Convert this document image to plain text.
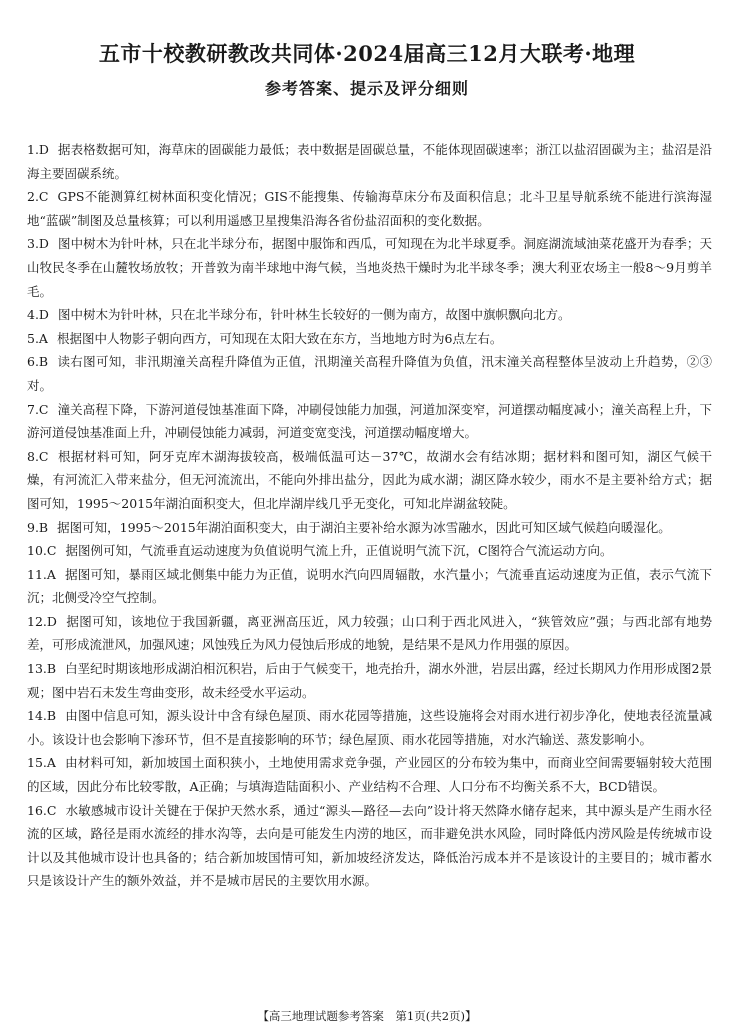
五市十校教研教改共同体·2024届高三12月大联考·地理
参考答案、提示及评分细则

1.D 据表格数据可知，海草床的固碳能力最低；表中数据是固碳总量，不能体现固碳速率；浙江以盐沼固碳为主；盐沼是沿海主要固碳系统。

2.C GPS不能测算红树林面积变化情况；GIS不能搜集、传输海草床分布及面积信息；北斗卫星导航系统不能进行滨海湿地“蓝碳”制图及总量核算；可以利用遥感卫星搜集沿海各省份盐沼面积的变化数据。

3.D 图中树木为针叶林，只在北半球分布，据图中服饰和西瓜，可知现在为北半球夏季。洞庭湖流域油菜花盛开为春季；天山牧民冬季在山麓牧场放牧；开普敦为南半球地中海气候，当地炎热干燥时为北半球冬季；澳大利亚农场主一般8～9月剪羊毛。

4.D 图中树木为针叶林，只在北半球分布，针叶林生长较好的一侧为南方，故图中旗帜飘向北方。

5.A 根据图中人物影子朝向西方，可知现在太阳大致在东方，当地地方时为6点左右。

6.B 读右图可知，非汛期潼关高程升降值为正值，汛期潼关高程升降值为负值，汛末潼关高程整体呈波动上升趋势，②③对。

7.C 潼关高程下降，下游河道侵蚀基准面下降，冲刷侵蚀能力加强，河道加深变窄，河道摆动幅度减小；潼关高程上升，下游河道侵蚀基准面上升，冲刷侵蚀能力减弱，河道变宽变浅，河道摆动幅度增大。

8.C 根据材料可知，阿牙克库木湖海拔较高，极端低温可达－37℃，故湖水会有结冰期；据材料和图可知，湖区气候干燥，有河流汇入带来盐分，但无河流流出，不能向外排出盐分，因此为咸水湖；湖区降水较少，雨水不是主要补给方式；据图可知，1995～2015年湖泊面积变大，但北岸湖岸线几乎无变化，可知北岸湖盆较陡。

9.B 据图可知，1995～2015年湖泊面积变大，由于湖泊主要补给水源为冰雪融水，因此可知区域气候趋向暖湿化。

10.C 据图例可知，气流垂直运动速度为负值说明气流上升，正值说明气流下沉，C图符合气流运动方向。

11.A 据图可知，暴雨区域北侧集中能力为正值，说明水汽向四周辐散，水汽量小；气流垂直运动速度为正值，表示气流下沉；北侧受冷空气控制。

12.D 据图可知，该地位于我国新疆，离亚洲高压近，风力较强；山口利于西北风进入，“狭管效应”强；与西北部有地势差，可形成流泄风，加强风速；风蚀残丘为风力侵蚀后形成的地貌，是结果不是风力作用强的原因。

13.B 白垩纪时期该地形成湖泊相沉积岩，后由于气候变干，地壳抬升，湖水外泄，岩层出露，经过长期风力作用形成图2景观；图中岩石未发生弯曲变形，故未经受水平运动。

14.B 由图中信息可知，源头设计中含有绿色屋顶、雨水花园等措施，这些设施将会对雨水进行初步净化，使地表径流量减小。该设计也会影响下渗环节，但不是直接影响的环节；绿色屋顶、雨水花园等措施，对水汽输送、蒸发影响小。

15.A 由材料可知，新加坡国土面积狭小，土地使用需求竞争强，产业园区的分布较为集中，而商业空间需要辐射较大范围的区域，因此分布比较零散，A正确；与填海造陆面积小、产业结构不合理、人口分布不均衡关系不大，BCD错误。

16.C 水敏感城市设计关键在于保护天然水系，通过“源头—路径—去向”设计将天然降水储存起来，其中源头是产生雨水径流的区域，路径是雨水流经的排水沟等，去向是可能发生内涝的地区，而非避免洪水风险，同时降低内涝风险是传统城市设计以及其他城市设计也具备的；结合新加坡国情可知，新加坡经济发达，降低治污成本并不是该设计的主要目的；城市蓄水只是该设计产生的额外效益，并不是城市居民的主要饮用水源。

【高三地理试题参考答案　第1页(共2页)】
